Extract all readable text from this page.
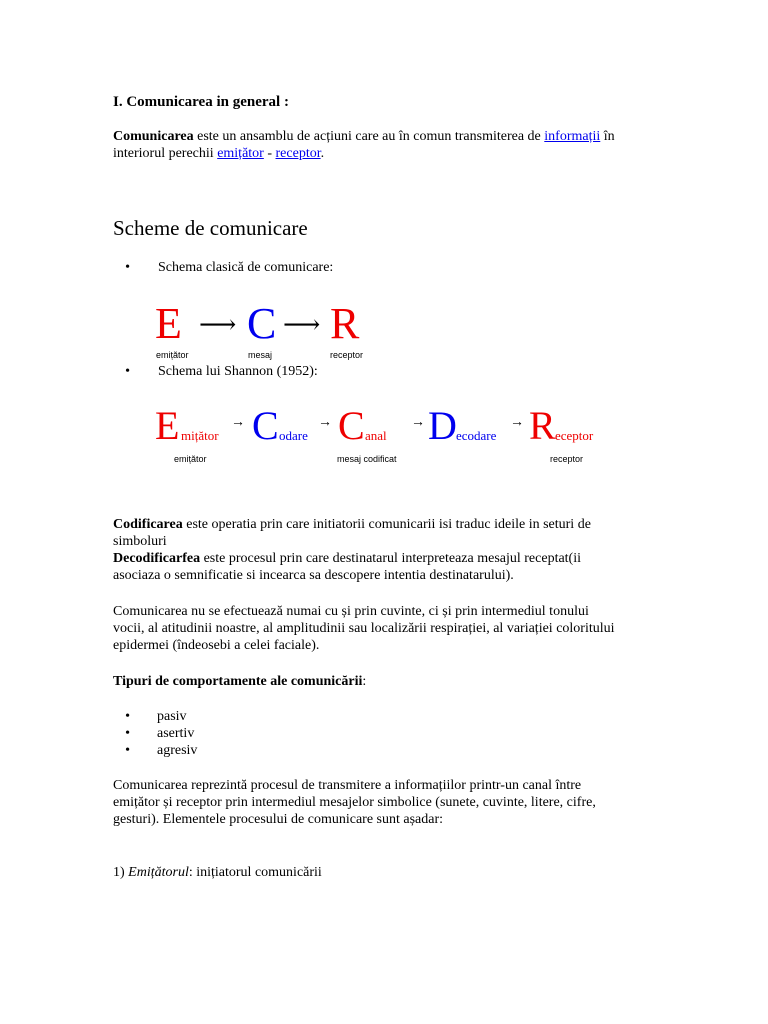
I. Comunicarea in general :
Comunicarea este un ansamblu de acțiuni care au în comun transmiterea de informații în
interiorul perechii emițător - receptor.
Scheme de comunicare
• Schema clasică de comunicare:
E ⟶ C ⟶ R
emițător	mesaj	receptor
• Schema lui Shannon (1952):
E mițător
→ C odare
→ C anal
→ D ecodare
→ R eceptor
emițător	mesaj codificat	receptor
Codificarea este operatia prin care initiatorii comunicarii isi traduc ideile in seturi de
simboluri
Decodificarfea este procesul prin care destinatarul interpreteaza mesajul receptat(ii
asociaza o semnificatie si incearca sa descopere intentia destinatarului).
Comunicarea nu se efectuează numai cu și prin cuvinte, ci și prin intermediul tonului
vocii, al atitudinii noastre, al amplitudinii sau localizării respirației, al variației coloritului
epidermei (îndeosebi a celei faciale).
Tipuri de comportamente ale comunicării:
• pasiv
• asertiv
• agresiv
Comunicarea reprezintă procesul de transmitere a informațiilor printr-un canal între
emițător și receptor prin intermediul mesajelor simbolice (sunete, cuvinte, litere, cifre,
gesturi). Elementele procesului de comunicare sunt așadar:
1) Emițătorul: inițiatorul comunicării
